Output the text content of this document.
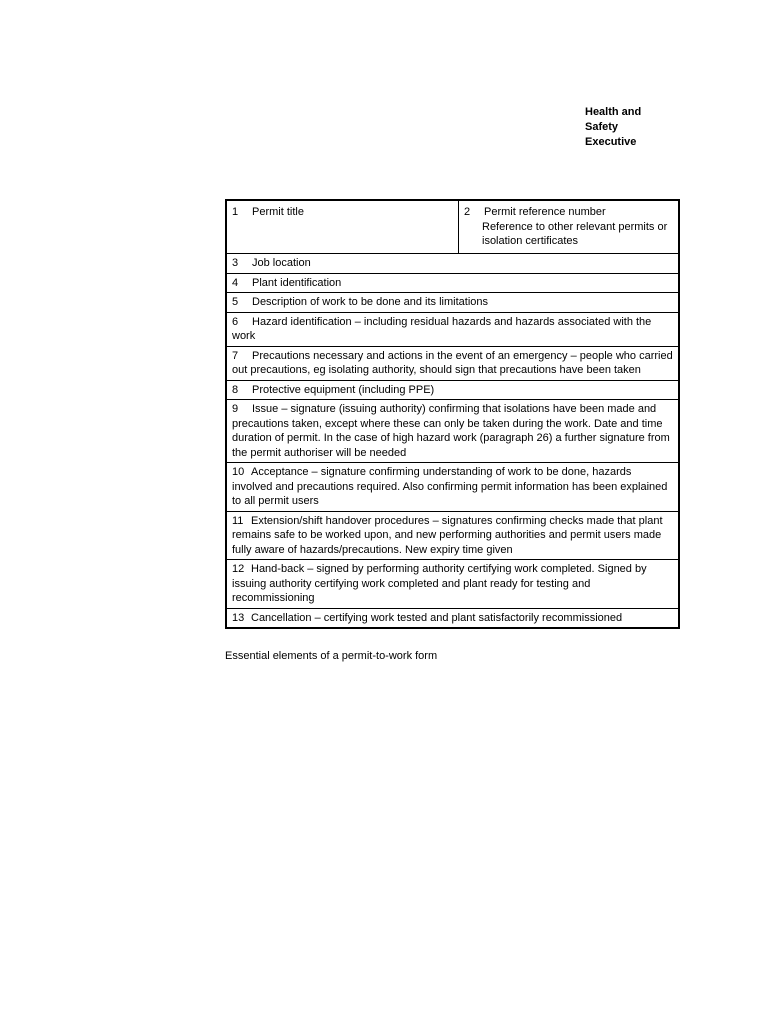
Health and
Safety
Executive
1 Permit title	2 Permit reference number
Reference to other relevant permits or
isolation certificates

3 Job location
4 Plant identification
5 Description of work to be done and its limitations
6 Hazard identification – including residual hazards and hazards associated with the work
7 Precautions necessary and actions in the event of an emergency – people who carried out precautions, eg isolating authority, should sign that precautions have been taken
8 Protective equipment (including PPE)
9 Issue – signature (issuing authority) confirming that isolations have been made and precautions taken, except where these can only be taken during the work. Date and time duration of permit. In the case of high hazard work (paragraph 26) a further signature from the permit authoriser will be needed
10 Acceptance – signature confirming understanding of work to be done, hazards involved and precautions required. Also confirming permit information has been explained to all permit users
11 Extension/shift handover procedures – signatures confirming checks made that plant remains safe to be worked upon, and new performing authorities and permit users made fully aware of hazards/precautions. New expiry time given
12 Hand-back – signed by performing authority certifying work completed. Signed by issuing authority certifying work completed and plant ready for testing and recommissioning
13 Cancellation – certifying work tested and plant satisfactorily recommissioned
Essential elements of a permit-to-work form
